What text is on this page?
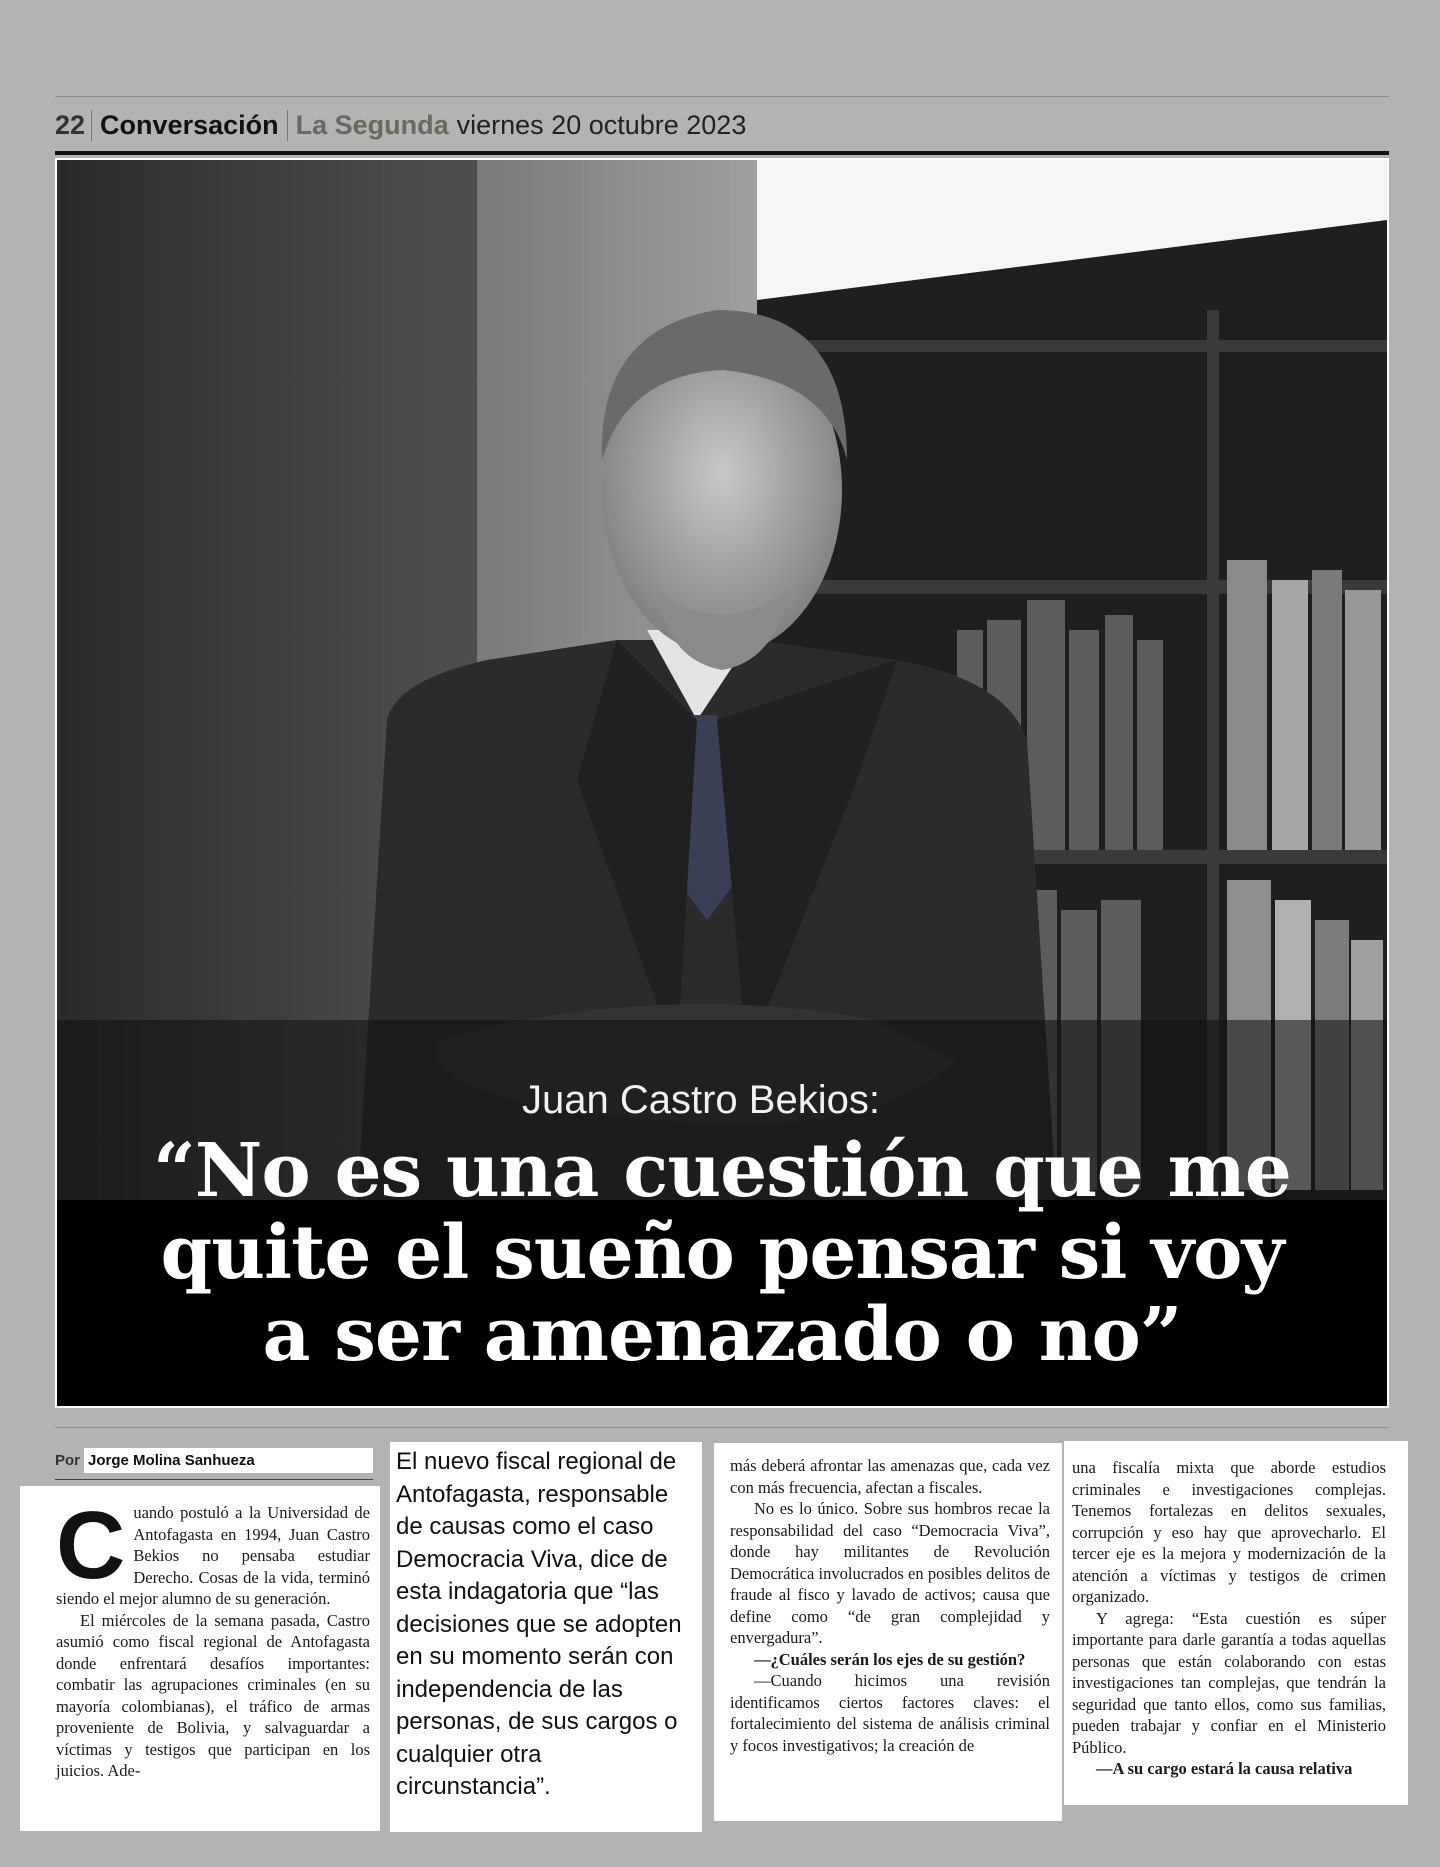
22 Conversación La Segunda viernes 20 octubre 2023
Juan Castro Bekios:
“No es una cuestión que me
quite el sueño pensar si voy
a ser amenazado o no”
Por Jorge Molina Sanhueza

Cuando postuló a la Universidad de Antofagasta en 1994, Juan Castro Bekios no pensaba estudiar Derecho. Cosas de la vida, terminó siendo el mejor alumno de su generación.

El miércoles de la semana pasada, Castro asumió como fiscal regional de Antofagasta donde enfrentará desafíos importantes: combatir las agrupaciones criminales (en su mayoría colombianas), el tráfico de armas proveniente de Bolivia, y salvaguardar a víctimas y testigos que participan en los juicios. Ade-

El nuevo fiscal regional de Antofagasta, responsable de causas como el caso Democracia Viva, dice de esta indagatoria que “las decisiones que se adopten en su momento serán con independencia de las personas, de sus cargos o cualquier otra circunstancia”.

más deberá afrontar las amenazas que, cada vez con más frecuencia, afectan a fiscales.

No es lo único. Sobre sus hombros recae la responsabilidad del caso “Democracia Viva”, donde hay militantes de Revolución Democrática involucrados en posibles delitos de fraude al fisco y lavado de activos; causa que define como “de gran complejidad y envergadura”.

—¿Cuáles serán los ejes de su gestión?

—Cuando hicimos una revisión identificamos ciertos factores claves: el fortalecimiento del sistema de análisis criminal y focos investigativos; la creación de

una fiscalía mixta que aborde estudios criminales e investigaciones complejas. Tenemos fortalezas en delitos sexuales, corrupción y eso hay que aprovecharlo. El tercer eje es la mejora y modernización de la atención a víctimas y testigos de crimen organizado.

Y agrega: “Esta cuestión es súper importante para darle garantía a todas aquellas personas que están colaborando con estas investigaciones tan complejas, que tendrán la seguridad que tanto ellos, como sus familias, pueden trabajar y confiar en el Ministerio Público.

—A su cargo estará la causa relativa
